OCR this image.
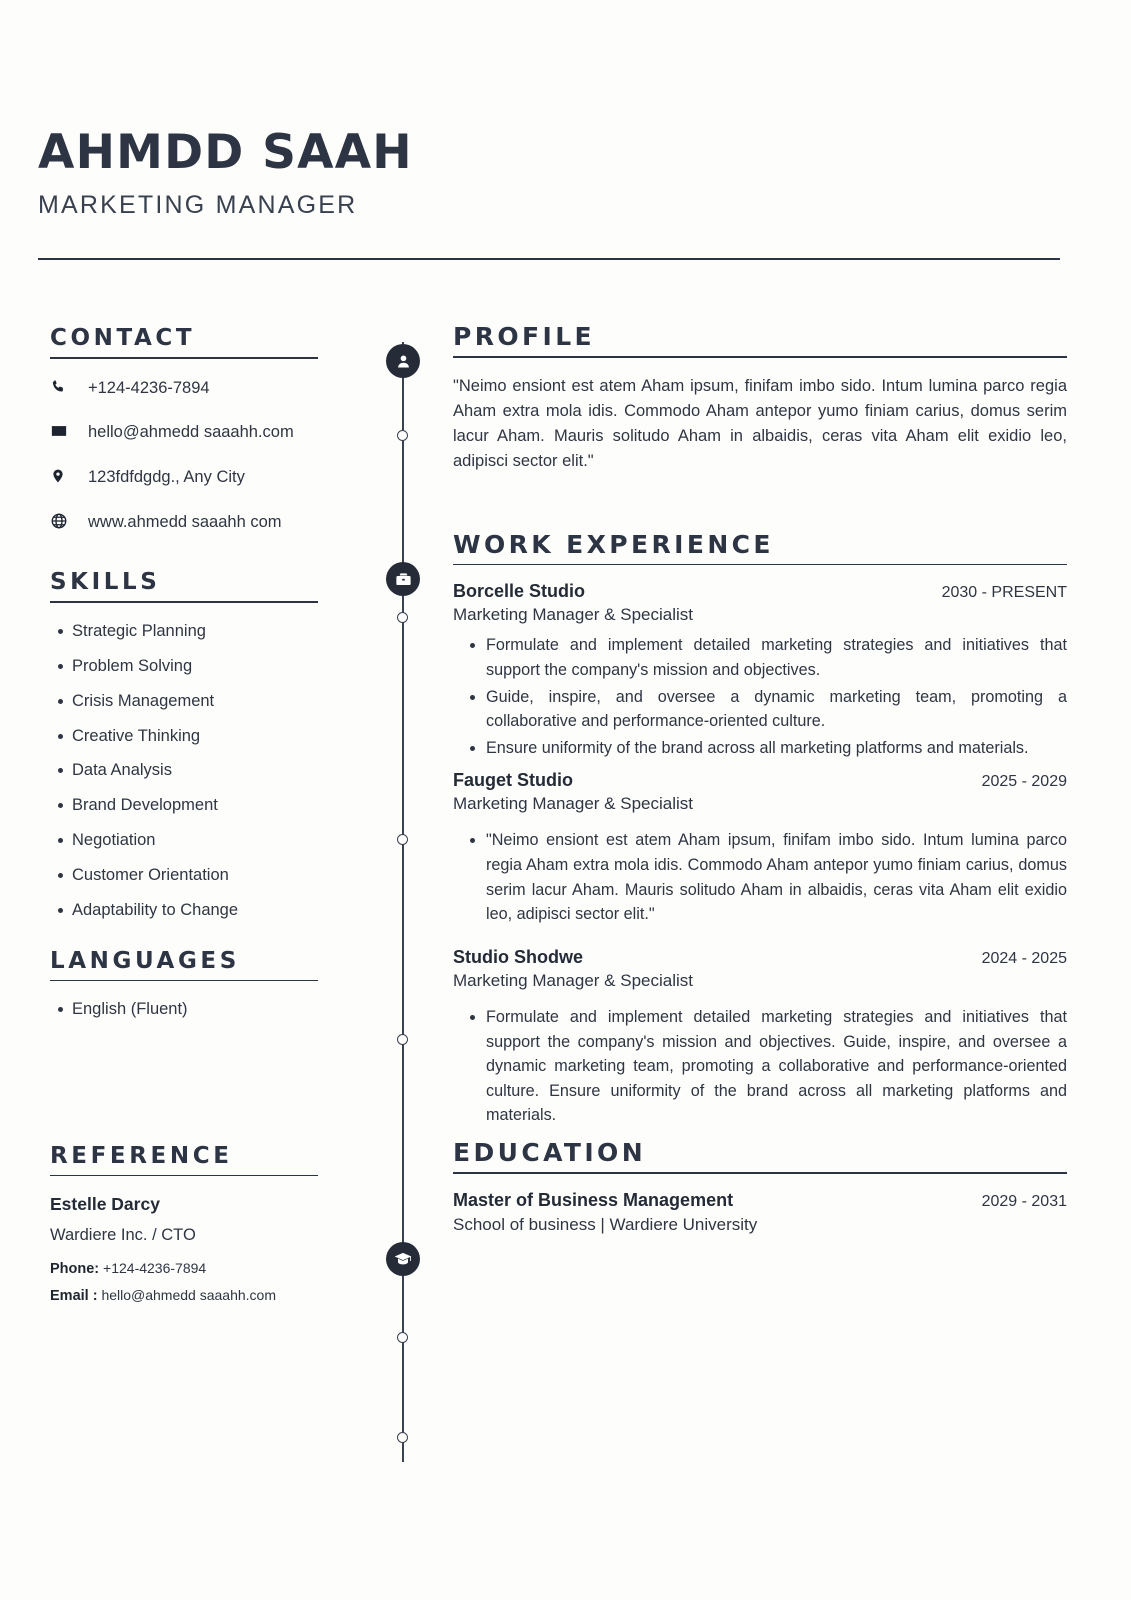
AHMDD SAAH
MARKETING MANAGER
CONTACT
+124-4236-7894
hello@ahmedd saaahh.com
123fdfdgdg., Any City
www.ahmedd saaahh com
SKILLS
Strategic Planning
Problem Solving
Crisis Management
Creative Thinking
Data Analysis
Brand Development
Negotiation
Customer Orientation
Adaptability to Change
LANGUAGES
English (Fluent)
REFERENCE
Estelle Darcy
Wardiere Inc. / CTO
Phone: +124-4236-7894
Email : hello@ahmedd saaahh.com
PROFILE

"Neimo ensiont est atem Aham ipsum, finifam imbo sido. Intum lumina parco regia Aham extra mola idis. Commodo Aham antepor yumo finiam carius, domus serim lacur Aham. Mauris solitudo Aham in albaidis, ceras vita Aham elit exidio leo, adipisci sector elit."

WORK EXPERIENCE
Borcelle Studio	2030 - PRESENT
Marketing Manager & Specialist
Formulate and implement detailed marketing strategies and initiatives that support the company's mission and objectives.
Guide, inspire, and oversee a dynamic marketing team, promoting a collaborative and performance-oriented culture.
Ensure uniformity of the brand across all marketing platforms and materials.
Fauget Studio	2025 - 2029
Marketing Manager & Specialist
"Neimo ensiont est atem Aham ipsum, finifam imbo sido. Intum lumina parco regia Aham extra mola idis. Commodo Aham antepor yumo finiam carius, domus serim lacur Aham. Mauris solitudo Aham in albaidis, ceras vita Aham elit exidio leo, adipisci sector elit."
Studio Shodwe	2024 - 2025
Marketing Manager & Specialist
Formulate and implement detailed marketing strategies and initiatives that support the company's mission and objectives. Guide, inspire, and oversee a dynamic marketing team, promoting a collaborative and performance-oriented culture. Ensure uniformity of the brand across all marketing platforms and materials.
EDUCATION
Master of Business Management	2029 - 2031
School of business | Wardiere University
